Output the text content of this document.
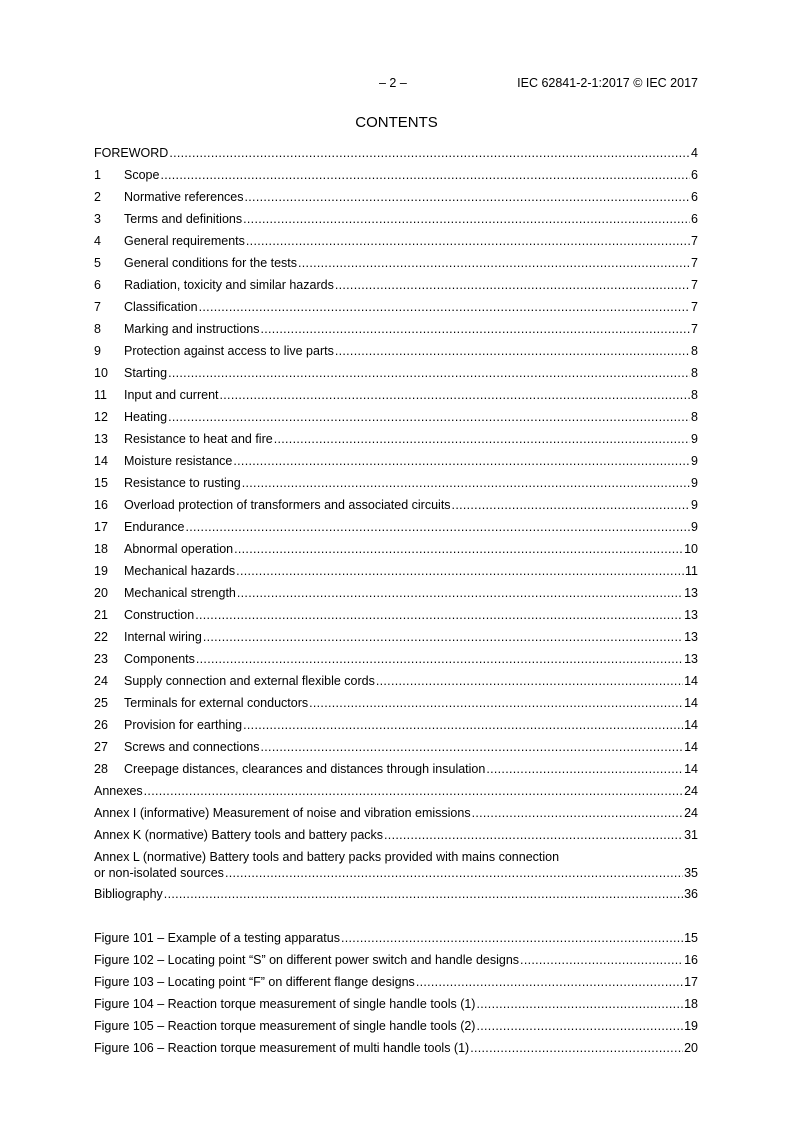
– 2 –	IEC 62841-2-1:2017 © IEC 2017
CONTENTS
FOREWORD .....	4
1	Scope .....	6
2	Normative references .....	6
3	Terms and definitions .....	6
4	General requirements .....	7
5	General conditions for the tests .....	7
6	Radiation, toxicity and similar hazards .....	7
7	Classification .....	7
8	Marking and instructions .....	7
9	Protection against access to live parts .....	8
10	Starting .....	8
11	Input and current .....	8
12	Heating .....	8
13	Resistance to heat and fire .....	9
14	Moisture resistance .....	9
15	Resistance to rusting .....	9
16	Overload protection of transformers and associated circuits .....	9
17	Endurance .....	9
18	Abnormal operation .....	10
19	Mechanical hazards .....	11
20	Mechanical strength .....	13
21	Construction .....	13
22	Internal wiring .....	13
23	Components .....	13
24	Supply connection and external flexible cords .....	14
25	Terminals for external conductors .....	14
26	Provision for earthing .....	14
27	Screws and connections .....	14
28	Creepage distances, clearances and distances through insulation .....	14
Annexes .....	24
Annex I (informative) Measurement of noise and vibration emissions .....	24
Annex K (normative) Battery tools and battery packs .....	31
Annex L (normative) Battery tools and battery packs provided with mains connection
or non-isolated sources .....	35
Bibliography .....	36
Figure 101 – Example of a testing apparatus .....	15
Figure 102 – Locating point “S” on different power switch and handle designs .....	16
Figure 103 – Locating point “F” on different flange designs .....	17
Figure 104 – Reaction torque measurement of single handle tools (1) .....	18
Figure 105 – Reaction torque measurement of single handle tools (2) .....	19
Figure 106 – Reaction torque measurement of multi handle tools (1) .....	20
